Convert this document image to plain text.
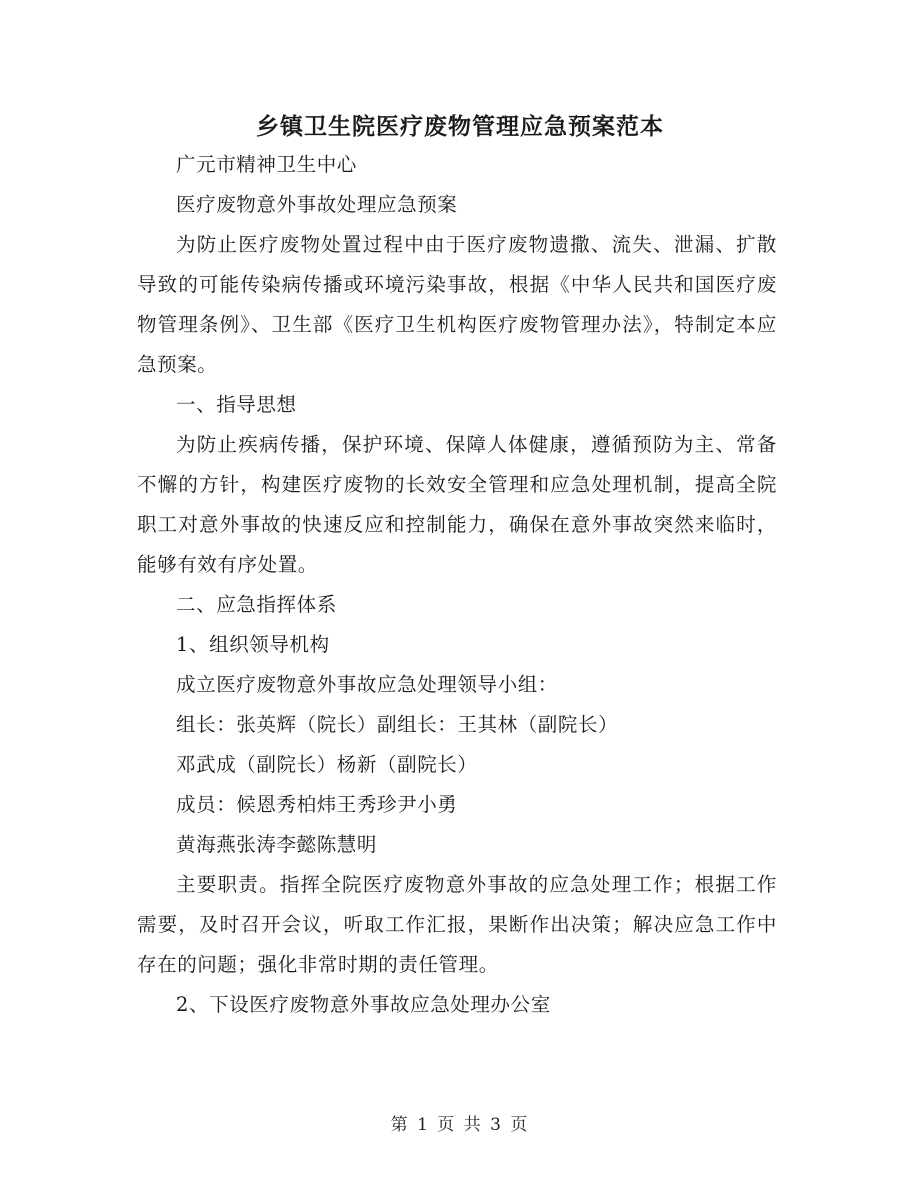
乡镇卫生院医疗废物管理应急预案范本

广元市精神卫生中心

医疗废物意外事故处理应急预案

为防止医疗废物处置过程中由于医疗废物遗撒、流失、泄漏、扩散导致的可能传染病传播或环境污染事故，根据《中华人民共和国医疗废物管理条例》、卫生部《医疗卫生机构医疗废物管理办法》，特制定本应急预案。

一、指导思想

为防止疾病传播，保护环境、保障人体健康，遵循预防为主、常备不懈的方针，构建医疗废物的长效安全管理和应急处理机制，提高全院职工对意外事故的快速反应和控制能力，确保在意外事故突然来临时，能够有效有序处置。

二、应急指挥体系

1、组织领导机构

成立医疗废物意外事故应急处理领导小组：

组长：张英辉（院长）副组长：王其林（副院长）

邓武成（副院长）杨新（副院长）

成员：候恩秀柏炜王秀珍尹小勇

黄海燕张涛李懿陈慧明

主要职责。指挥全院医疗废物意外事故的应急处理工作；根据工作需要，及时召开会议，听取工作汇报，果断作出决策；解决应急工作中存在的问题；强化非常时期的责任管理。

2、下设医疗废物意外事故应急处理办公室

第 1 页 共 3 页
